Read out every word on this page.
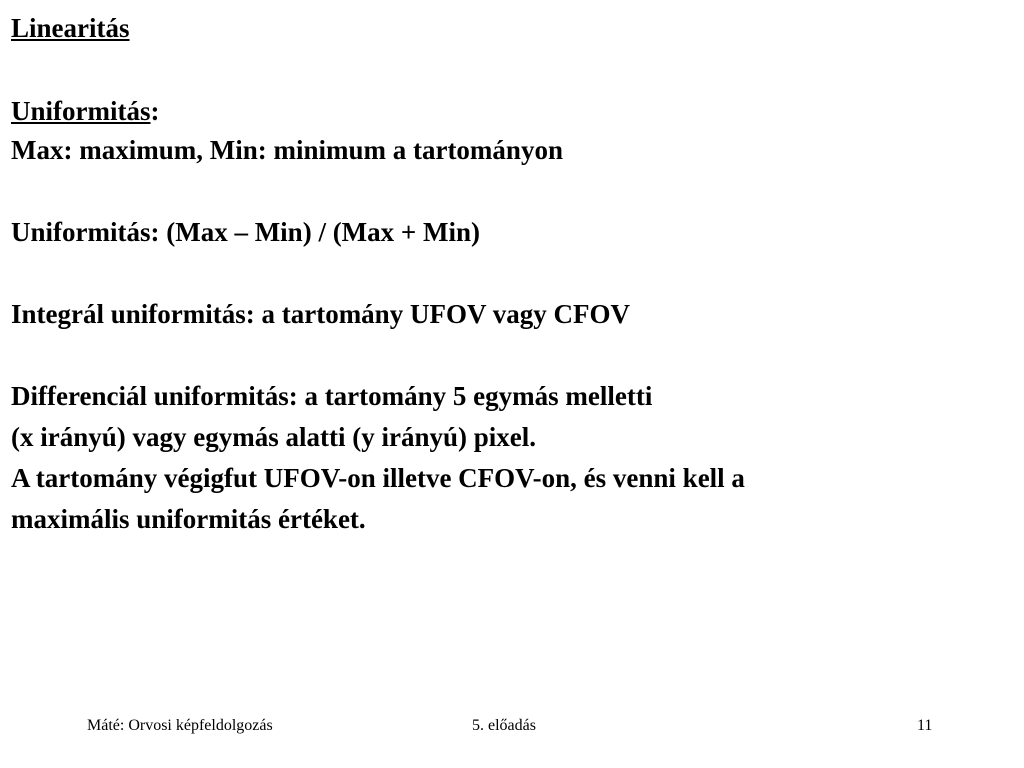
Linearitás
Uniformitás:
Max: maximum, Min: minimum a tartományon
Uniformitás: (Max – Min) / (Max + Min)
Integrál uniformitás: a tartomány UFOV vagy CFOV
Differenciál uniformitás: a tartomány 5 egymás melletti
(x irányú) vagy egymás alatti (y irányú) pixel.
A tartomány végigfut UFOV-on illetve CFOV-on, és venni kell a
maximális uniformitás értéket.
Máté: Orvosi képfeldolgozás	5. előadás	11
